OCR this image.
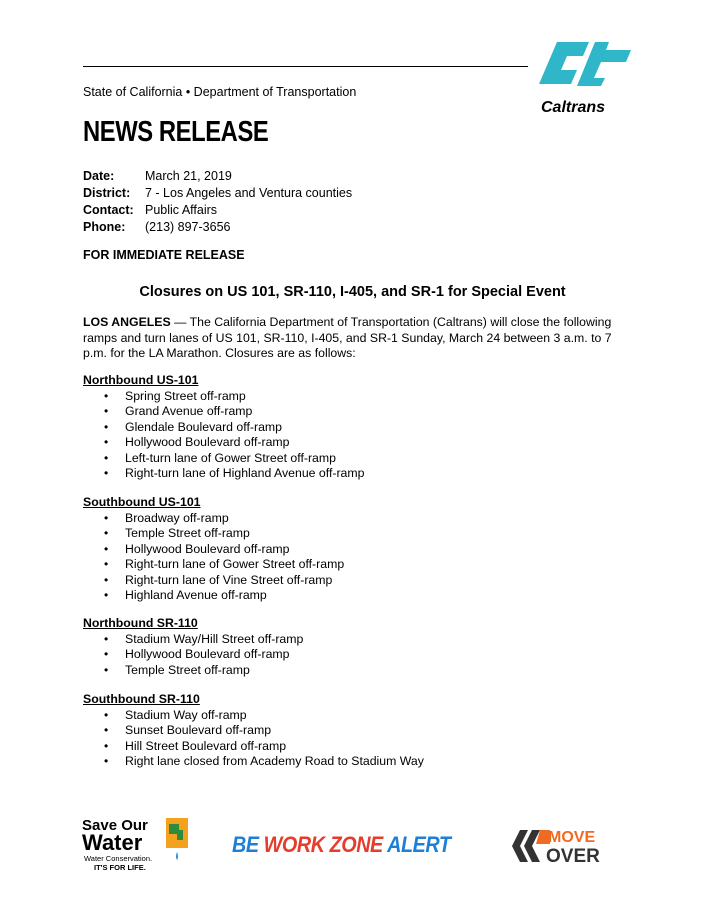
State of California • Department of Transportation
Caltrans
NEWS RELEASE
Date:	March 21, 2019
District:	7 - Los Angeles and Ventura counties
Contact: Public Affairs
Phone:	(213) 897-3656
FOR IMMEDIATE RELEASE
Closures on US 101, SR-110, I-405, and SR-1 for Special Event
LOS ANGELES — The California Department of Transportation (Caltrans) will close the following ramps and turn lanes of US 101, SR-110, I-405, and SR-1 Sunday, March 24 between 3 a.m. to 7 p.m. for the LA Marathon. Closures are as follows:
Northbound US-101
• Spring Street off-ramp
• Grand Avenue off-ramp
• Glendale Boulevard off-ramp
• Hollywood Boulevard off-ramp
• Left-turn lane of Gower Street off-ramp
• Right-turn lane of Highland Avenue off-ramp
Southbound US-101
• Broadway off-ramp
• Temple Street off-ramp
• Hollywood Boulevard off-ramp
• Right-turn lane of Gower Street off-ramp
• Right-turn lane of Vine Street off-ramp
• Highland Avenue off-ramp
Northbound SR-110
• Stadium Way/Hill Street off-ramp
• Hollywood Boulevard off-ramp
• Temple Street off-ramp
Southbound SR-110
• Stadium Way off-ramp
• Sunset Boulevard off-ramp
• Hill Street Boulevard off-ramp
• Right lane closed from Academy Road to Stadium Way
Save Our
Water
Water Conservation.
IT'S FOR LIFE.
BE WORK ZONE ALERT	MOVE
OVER
